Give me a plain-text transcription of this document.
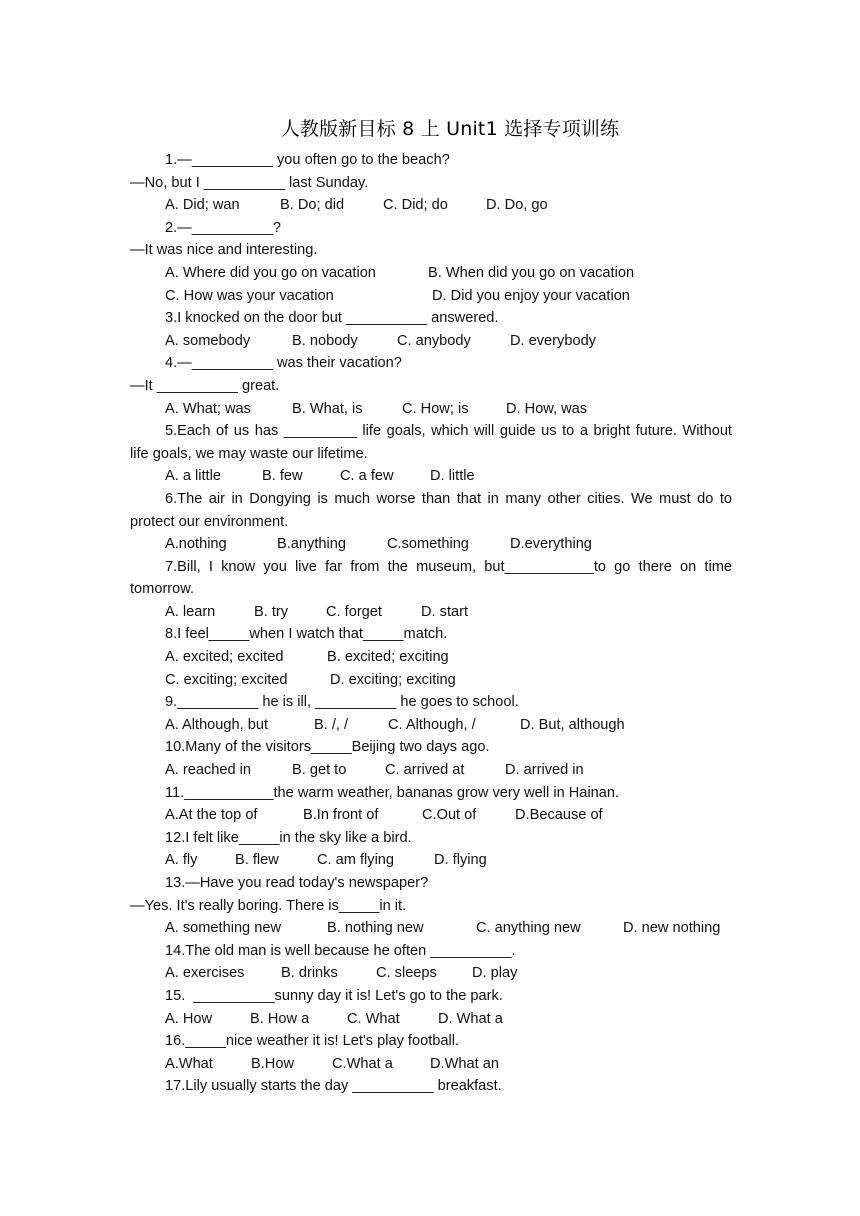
人教版新目标 8 上 Unit1 选择专项训练

1.—__________ you often go to the beach?

—No, but I __________ last Sunday.

A. Did; wan	B. Do; did	C. Did; do	D. Do, go

2.—__________?

—It was nice and interesting.

A. Where did you go on vacation	B. When did you go on vacation

C. How was your vacation	D. Did you enjoy your vacation

3.I knocked on the door but __________ answered.

A. somebody	B. nobody	C. anybody	D. everybody

4.—__________ was their vacation?

—It __________ great.

A. What; was	B. What, is	C. How; is	D. How, was

5.Each of us has _________ life goals, which will guide us to a bright future. Without life goals, we may waste our lifetime.

A. a little	B. few	C. a few D. little

6.The air in Dongying is much worse than that in many other cities. We must do to protect our environment.

A.nothing	B.anything	C.something	D.everything

7.Bill, I know you live far from the museum, but___________to go there on time tomorrow.

A. learn	B. try	C. forget	D. start

8.I feel_____when I watch that_____match.

A. excited; excited	B. excited; exciting

C. exciting; excited	D. exciting; exciting

9.__________ he is ill, __________ he goes to school.

A. Although, but	B. /, /	C. Although, /	D. But, although

10.Many of the visitors_____Beijing two days ago.

A. reached in	B. get to	C. arrived at	D. arrived in

11.___________the warm weather, bananas grow very well in Hainan.

A.At the top of	B.In front of	C.Out of	D.Because of

12.I felt like_____in the sky like a bird.

A. fly	B. flew	C. am flying	D. flying

13.—Have you read today's newspaper?

—Yes. It's really boring. There is_____in it.

A. something new	B. nothing new	C. anything new	D. new nothing

14.The old man is well because he often __________.

A. exercises	B. drinks	C. sleeps D. play

15.  __________sunny day it is! Let's go to the park.

A. How	B. How a	C. What	D. What a

16._____nice weather it is! Let's play football.

A.What	B.How	C.What a	D.What an

17.Lily usually starts the day __________ breakfast.
